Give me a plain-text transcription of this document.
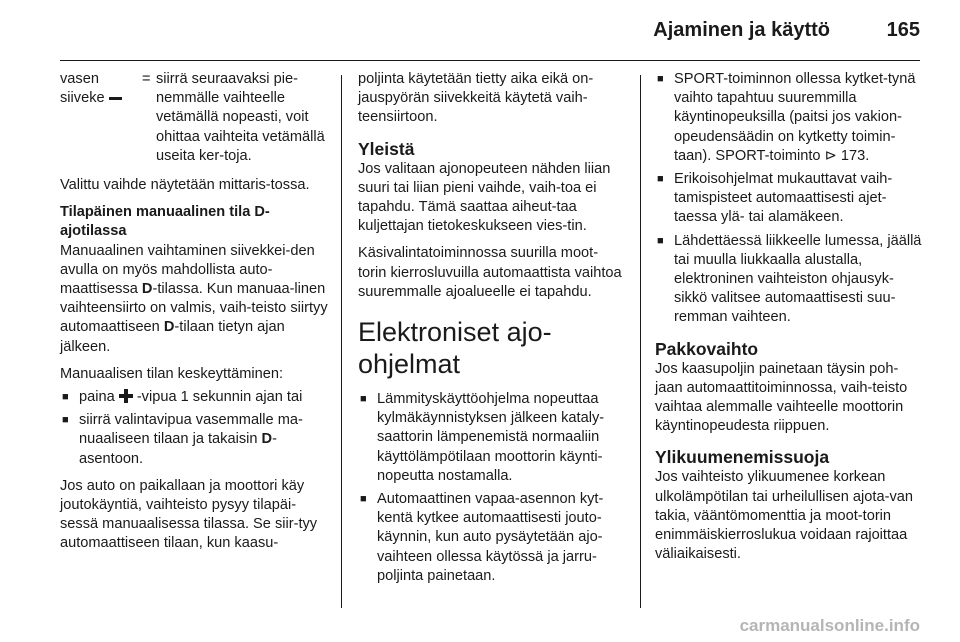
Ajaminen ja käyttö	165
vasen
siiveke
= siirrä seuraavaksi pie-nemmälle vaihteelle vetämällä nopeasti, voit ohittaa vaihteita vetämällä useita ker-toja.

Valittu vaihde näytetään mittaris-tossa.

Tilapäinen manuaalinen tila D-ajotilassa

Manuaalinen vaihtaminen siivekkei-den avulla on myös mahdollista auto-maattisessa D-tilassa. Kun manuaa-linen vaihteensiirto on valmis, vaih-teisto siirtyy automaattiseen D-tilaan tietyn ajan jälkeen.

Manuaalisen tilan keskeyttäminen:

■ paina  -vipua 1 sekunnin ajan tai
■ siirrä valintavipua vasemmalle ma-nuaaliseen tilaan ja takaisin D-asentoon.

Jos auto on paikallaan ja moottori käy joutokäyntiä, vaihteisto pysyy tilapäi-sessä manuaalisessa tilassa. Se siir-tyy automaattiseen tilaan, kun kaasu-

poljinta käytetään tietty aika eikä on-jauspyörän siivekkeitä käytetä vaih-teensiirtoon.

Yleistä

Jos valitaan ajonopeuteen nähden liian suuri tai liian pieni vaihde, vaih-toa ei tapahdu. Tämä saattaa aiheut-taa kuljettajan tietokeskukseen vies-tin.

Käsivalintatoiminnossa suurilla moot-torin kierrosluvuilla automaattista vaihtoa suuremmalle ajoalueelle ei tapahdu.

Elektroniset ajo-ohjelmat
■ Lämmityskäyttöohjelma nopeuttaa kylmäkäynnistyksen jälkeen kataly-saattorin lämpenemistä normaaliin käyttölämpötilaan moottorin käynti-nopeutta nostamalla.
■ Automaattinen vapaa-asennon kyt-kentä kytkee automaattisesti jouto-käynnin, kun auto pysäytetään ajo-vaihteen ollessa käytössä ja jarru-poljinta painetaan.
■ SPORT-toiminnon ollessa kytket-tynä vaihto tapahtuu suuremmilla käyntinopeuksilla (paitsi jos vakion-opeudensäädin on kytketty toimin-taan). SPORT-toiminto ⊳ 173.
■ Erikoisohjelmat mukauttavat vaih-tamispisteet automaattisesti ajet-taessa ylä- tai alamäkeen.
■ Lähdettäessä liikkeelle lumessa, jäällä tai muulla liukkaalla alustalla, elektroninen vaihteiston ohjausyk-sikkö valitsee automaattisesti suu-remman vaihteen.
Pakkovaihto

Jos kaasupoljin painetaan täysin poh-jaan automaattitoiminnossa, vaih-teisto vaihtaa alemmalle vaihteelle moottorin käyntinopeudesta riippuen.

Ylikuumenemissuoja

Jos vaihteisto ylikuumenee korkean ulkolämpötilan tai urheilullisen ajota-van takia, vääntömomenttia ja moot-torin enimmäiskierroslukua voidaan rajoittaa väliaikaisesti.

carmanualsonline.info
